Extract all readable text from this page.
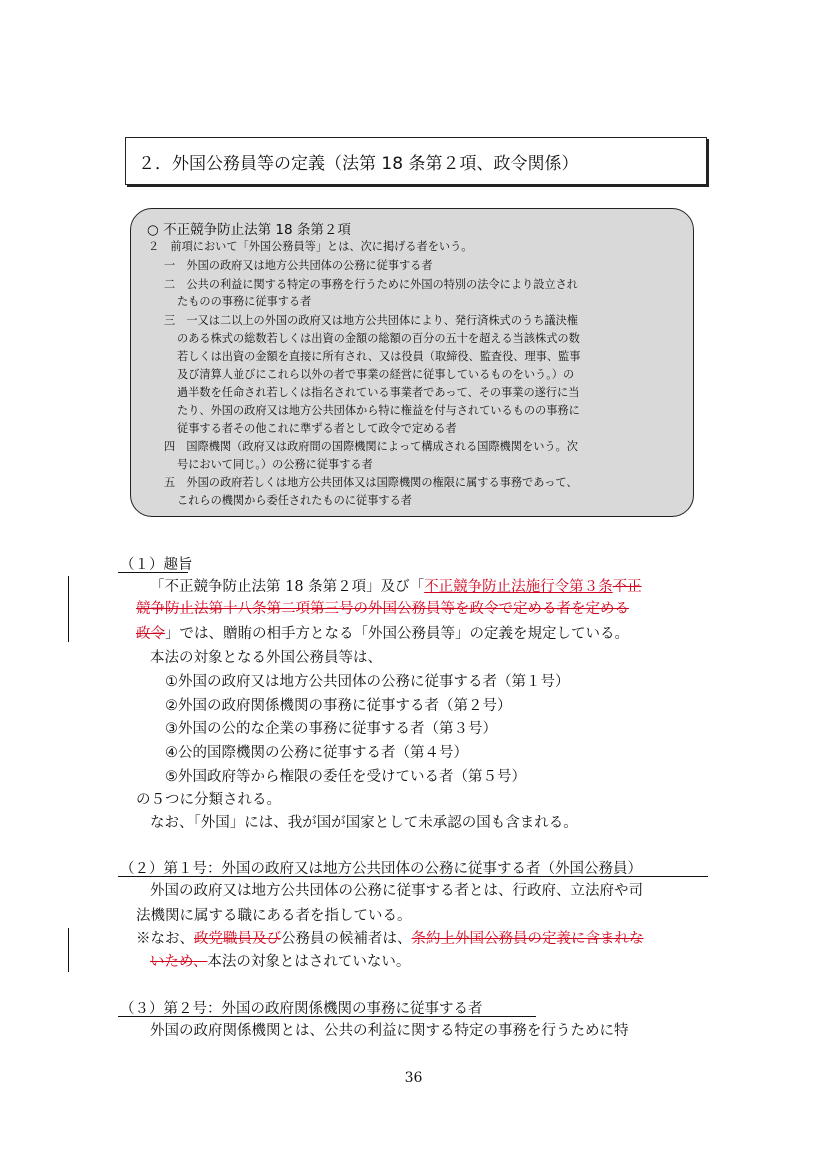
２．外国公務員等の定義（法第 18 条第２項、政令関係）
○ 不正競争防止法第 18 条第２項
２　前項において「外国公務員等」とは、次に掲げる者をいう。
一　外国の政府又は地方公共団体の公務に従事する者
二　公共の利益に関する特定の事務を行うために外国の特別の法令により設立され
たものの事務に従事する者
三　一又は二以上の外国の政府又は地方公共団体により、発行済株式のうち議決権
のある株式の総数若しくは出資の金額の総額の百分の五十を超える当該株式の数
若しくは出資の金額を直接に所有され、又は役員（取締役、監査役、理事、監事
及び清算人並びにこれら以外の者で事業の経営に従事しているものをいう。）の
過半数を任命され若しくは指名されている事業者であって、その事業の遂行に当
たり、外国の政府又は地方公共団体から特に権益を付与されているものの事務に
従事する者その他これに準ずる者として政令で定める者
四　国際機関（政府又は政府間の国際機関によって構成される国際機関をいう。次
号において同じ。）の公務に従事する者
五　外国の政府若しくは地方公共団体又は国際機関の権限に属する事務であって、
これらの機関から委任されたものに従事する者
（１）趣旨
「不正競争防止法第 18 条第２項」及び「不正競争防止法施行令第３条不正
競争防止法第十八条第二項第三号の外国公務員等を政令で定める者を定める
政令」では、贈賄の相手方となる「外国公務員等」の定義を規定している。
本法の対象となる外国公務員等は、
①外国の政府又は地方公共団体の公務に従事する者（第１号）
②外国の政府関係機関の事務に従事する者（第２号）
③外国の公的な企業の事務に従事する者（第３号）
④公的国際機関の公務に従事する者（第４号）
⑤外国政府等から権限の委任を受けている者（第５号）
の５つに分類される。
なお、「外国」には、我が国が国家として未承認の国も含まれる。
（２）第１号：外国の政府又は地方公共団体の公務に従事する者（外国公務員）
外国の政府又は地方公共団体の公務に従事する者とは、行政府、立法府や司
法機関に属する職にある者を指している。
※なお、政党職員及び公務員の候補者は、条約上外国公務員の定義に含まれな
いため、本法の対象とはされていない。
（３）第２号：外国の政府関係機関の事務に従事する者
外国の政府関係機関とは、公共の利益に関する特定の事務を行うために特
36
